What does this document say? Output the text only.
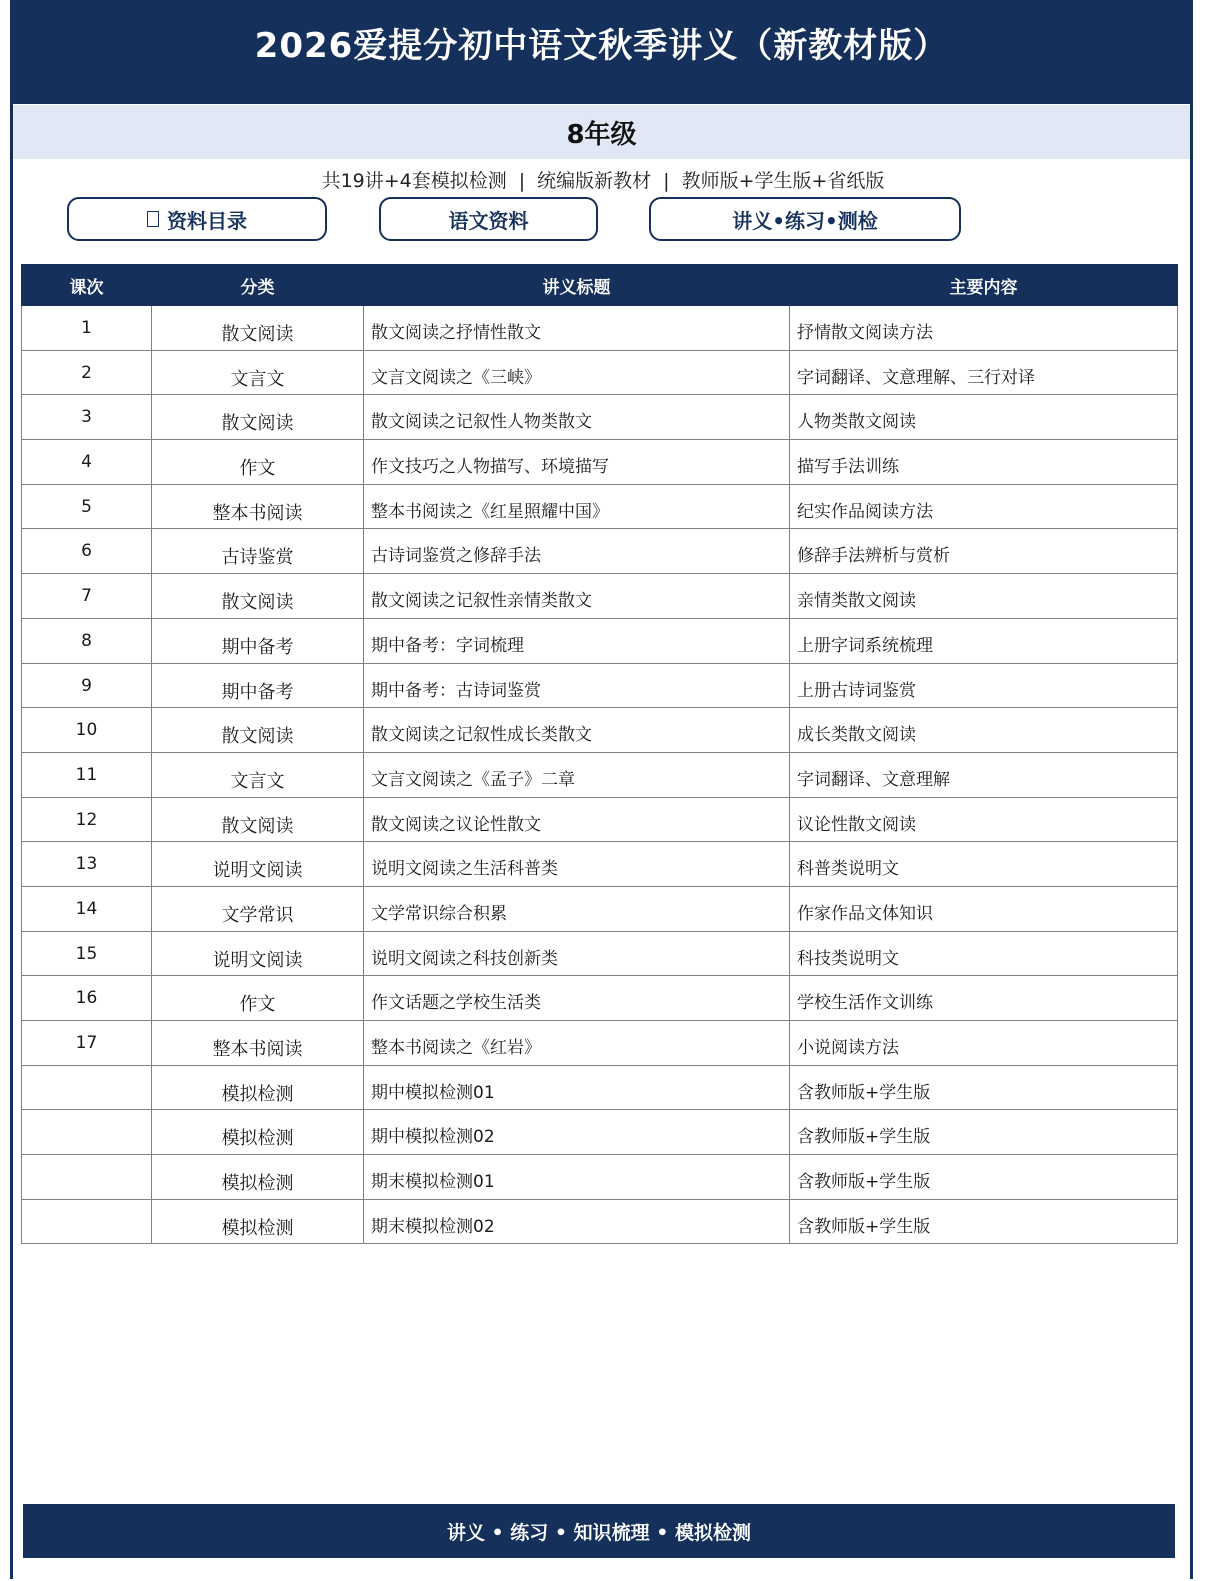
2026爱提分初中语文秋季讲义（新教材版）
8年级
共19讲+4套模拟检测 | 统编版新教材 | 教师版+学生版+省纸版
资料目录	语文资料	讲义•练习•测检
课次	分类	讲义标题	主要内容
1	散文阅读	散文阅读之抒情性散文	抒情散文阅读方法
2	文言文	文言文阅读之《三峡》	字词翻译、文意理解、三行对译
3	散文阅读	散文阅读之记叙性人物类散文	人物类散文阅读
4	作文	作文技巧之人物描写、环境描写	描写手法训练
5	整本书阅读	整本书阅读之《红星照耀中国》	纪实作品阅读方法
6	古诗鉴赏	古诗词鉴赏之修辞手法	修辞手法辨析与赏析
7	散文阅读	散文阅读之记叙性亲情类散文	亲情类散文阅读
8	期中备考	期中备考：字词梳理	上册字词系统梳理
9	期中备考	期中备考：古诗词鉴赏	上册古诗词鉴赏
10	散文阅读	散文阅读之记叙性成长类散文	成长类散文阅读
11	文言文	文言文阅读之《孟子》二章	字词翻译、文意理解
12	散文阅读	散文阅读之议论性散文	议论性散文阅读
13	说明文阅读	说明文阅读之生活科普类	科普类说明文
14	文学常识	文学常识综合积累	作家作品文体知识
15	说明文阅读	说明文阅读之科技创新类	科技类说明文
16	作文	作文话题之学校生活类	学校生活作文训练
17	整本书阅读	整本书阅读之《红岩》	小说阅读方法
	模拟检测	期中模拟检测01	含教师版+学生版
	模拟检测	期中模拟检测02	含教师版+学生版
	模拟检测	期末模拟检测01	含教师版+学生版
	模拟检测	期末模拟检测02	含教师版+学生版
讲义 • 练习 • 知识梳理 • 模拟检测
